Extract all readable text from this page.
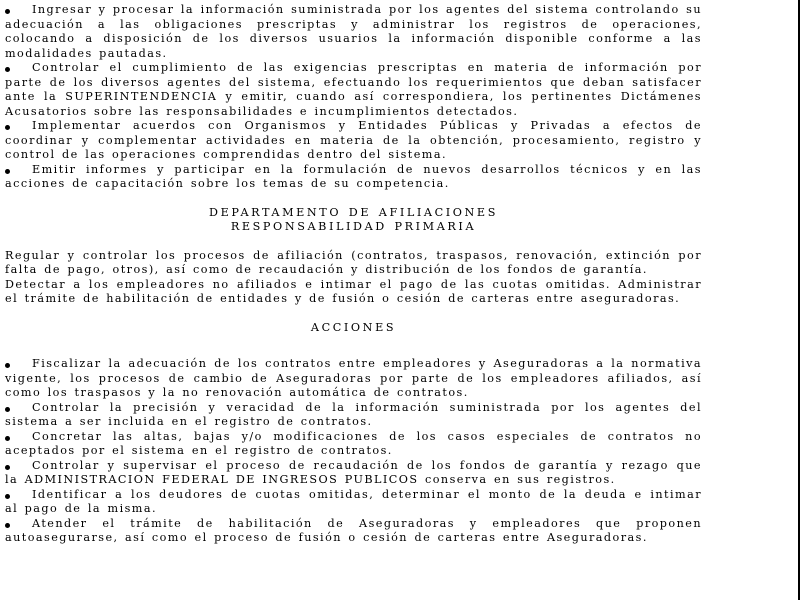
Ingresar y procesar la información suministrada por los agentes del sistema controlando su adecuación a las obligaciones prescriptas y administrar los registros de operaciones, colocando a disposición de los diversos usuarios la información disponible conforme a las modalidades pautadas.

Controlar el cumplimiento de las exigencias prescriptas en materia de información por parte de los diversos agentes del sistema, efectuando los requerimientos que deban satisfacer ante la SUPERINTENDENCIA y emitir, cuando así correspondiera, los pertinentes Dictámenes Acusatorios sobre las responsabilidades e incumplimientos detectados.

Implementar acuerdos con Organismos y Entidades Públicas y Privadas a efectos de coordinar y complementar actividades en materia de la obtención, procesamiento, registro y control de las operaciones comprendidas dentro del sistema.

Emitir informes y participar en la formulación de nuevos desarrollos técnicos y en las acciones de capacitación sobre los temas de su competencia.

DEPARTAMENTO DE AFILIACIONES

RESPONSABILIDAD PRIMARIA

Regular y controlar los procesos de afiliación (contratos, traspasos, renovación, extinción por falta de pago, otros), así como de recaudación y distribución de los fondos de garantía.

Detectar a los empleadores no afiliados e intimar el pago de las cuotas omitidas. Administrar el trámite de habilitación de entidades y de fusión o cesión de carteras entre aseguradoras.

ACCIONES

Fiscalizar la adecuación de los contratos entre empleadores y Aseguradoras a la normativa vigente, los procesos de cambio de Aseguradoras por parte de los empleadores afiliados, así como los traspasos y la no renovación automática de contratos.

Controlar la precisión y veracidad de la información suministrada por los agentes del sistema a ser incluida en el registro de contratos.

Concretar las altas, bajas y/o modificaciones de los casos especiales de contratos no aceptados por el sistema en el registro de contratos.

Controlar y supervisar el proceso de recaudación de los fondos de garantía y rezago que la ADMINISTRACION FEDERAL DE INGRESOS PUBLICOS conserva en sus registros.

Identificar a los deudores de cuotas omitidas, determinar el monto de la deuda e intimar al pago de la misma.

Atender el trámite de habilitación de Aseguradoras y empleadores que proponen autoasegurarse, así como el proceso de fusión o cesión de carteras entre Aseguradoras.
